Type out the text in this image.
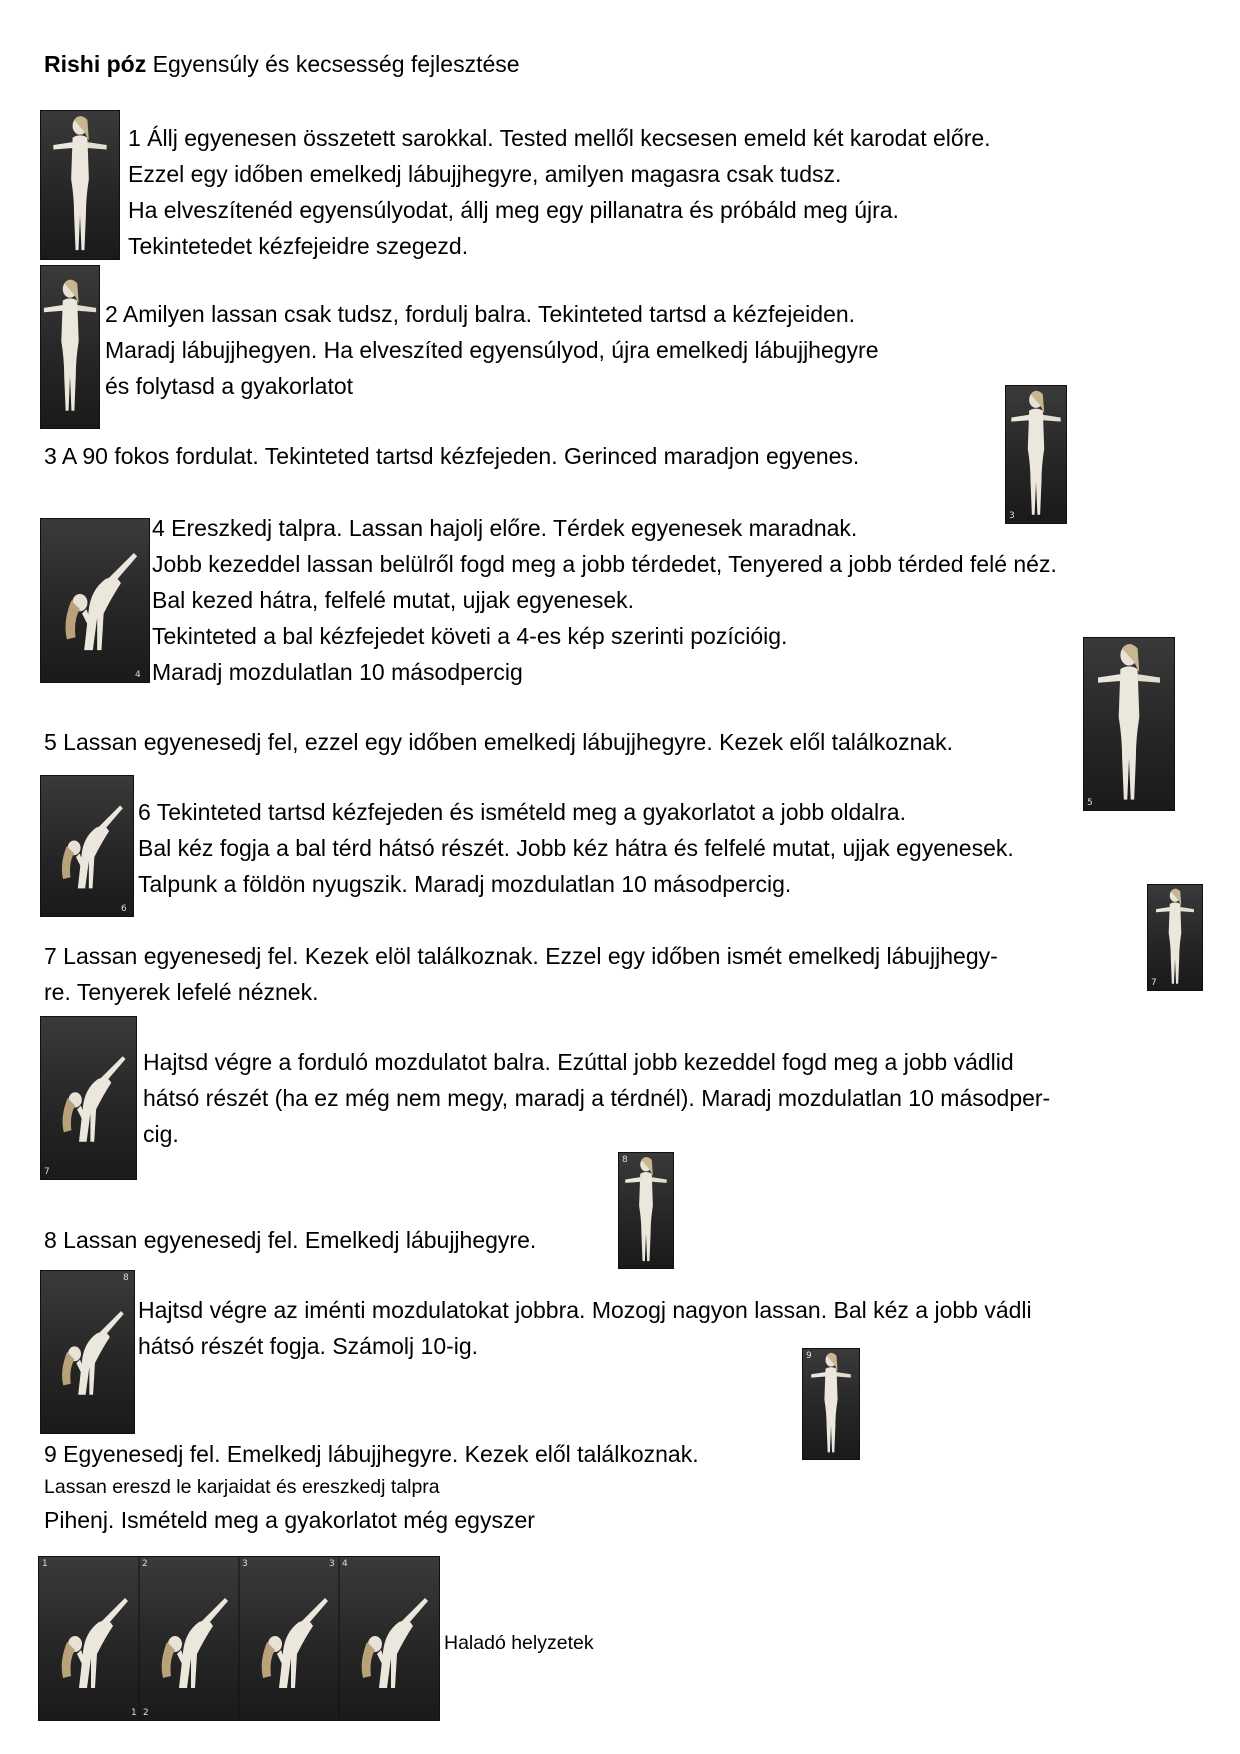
Rishi póz Egyensúly és kecsesség fejlesztése
1 Állj egyenesen összetett sarokkal. Tested mellől kecsesen emeld két karodat előre.
Ezzel egy időben emelkedj lábujjhegyre, amilyen magasra csak tudsz.
Ha elveszítenéd egyensúlyodat, állj meg egy pillanatra és próbáld meg újra.
Tekintetedet kézfejeidre szegezd.
2 Amilyen lassan csak tudsz, fordulj balra. Tekinteted tartsd a kézfejeiden.
Maradj lábujjhegyen. Ha elveszíted egyensúlyod, újra emelkedj lábujjhegyre
és folytasd a gyakorlatot
3 A 90 fokos fordulat. Tekinteted tartsd kézfejeden. Gerinced maradjon egyenes.
3
4
4 Ereszkedj talpra. Lassan hajolj előre. Térdek egyenesek maradnak.
Jobb kezeddel lassan belülről fogd meg a jobb térdedet, Tenyered a jobb térded felé néz.
Bal kezed hátra, felfelé mutat, ujjak egyenesek.
Tekinteted a bal kézfejedet követi a 4-es kép szerinti pozícióig.
Maradj mozdulatlan 10 másodpercig
5
5 Lassan egyenesedj fel, ezzel egy időben emelkedj lábujjhegyre. Kezek elől találkoznak.
6
6 Tekinteted tartsd kézfejeden és ismételd meg a gyakorlatot a jobb oldalra.
Bal kéz fogja a bal térd hátsó részét. Jobb kéz hátra és felfelé mutat, ujjak egyenesek.
Talpunk a földön nyugszik. Maradj mozdulatlan 10 másodpercig.
7 Lassan egyenesedj fel. Kezek elöl találkoznak. Ezzel egy időben ismét emelkedj lábujjhegy-
re. Tenyerek lefelé néznek.	7
7
Hajtsd végre a forduló mozdulatot balra. Ezúttal jobb kezeddel fogd meg a jobb vádlid
hátsó részét (ha ez még nem megy, maradj a térdnél). Maradj mozdulatlan 10 másodper-
cig.
8 Lassan egyenesedj fel. Emelkedj lábujjhegyre.
8
8
Hajtsd végre az iménti mozdulatokat jobbra. Mozogj nagyon lassan. Bal kéz a jobb vádli
hátsó részét fogja. Számolj 10-ig.	9
9 Egyenesedj fel. Emelkedj lábujjhegyre. Kezek elől találkoznak.
Lassan ereszd le karjaidat és ereszkedj talpra
Pihenj. Ismételd meg a gyakorlatot még egyszer
1	2	3	3 4
1 2
Haladó helyzetek
